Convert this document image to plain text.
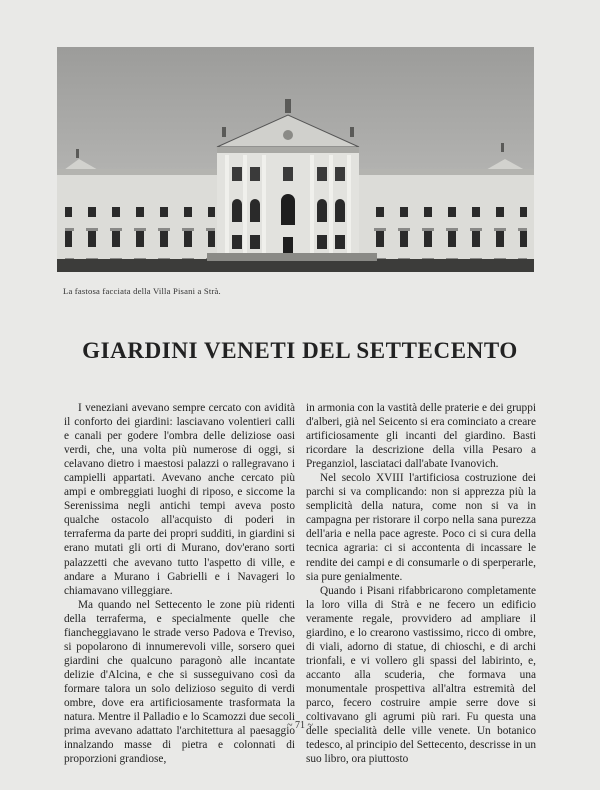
La fastosa facciata della Villa Pisani a Strà.
GIARDINI VENETI DEL SETTECENTO

I veneziani avevano sempre cercato con avidità il conforto dei giardini: lasciavano volentieri calli e canali per godere l'ombra delle deliziose oasi verdi, che, una volta più numerose di oggi, si celavano dietro i maestosi palazzi o rallegravano i campielli appartati. Avevano anche cercato più ampi e ombreggiati luoghi di riposo, e siccome la Serenissima negli antichi tempi aveva posto qualche ostacolo all'acquisto di poderi in terraferma da parte dei propri sudditi, in giardini si erano mutati gli orti di Murano, dov'erano sorti palazzetti che avevano tutto l'aspetto di ville, e andare a Murano i Gabrielli e i Navageri lo chiamavano villeggiare.

Ma quando nel Settecento le zone più ridenti della terraferma, e specialmente quelle che fiancheggiavano le strade verso Padova e Treviso, si popolarono di innumerevoli ville, sorsero quei giardini che qualcuno paragonò alle incantate delizie d'Alcina, e che si susseguivano così da formare talora un solo delizioso seguito di verdi ombre, dove era artificiosamente trasformata la natura. Mentre il Palladio e lo Scamozzi due secoli prima avevano adattato l'architettura al paesaggio innalzando masse di pietra e colonnati di proporzioni grandiose,

in armonia con la vastità delle praterie e dei gruppi d'alberi, già nel Seicento si era cominciato a creare artificiosamente gli incanti del giardino. Basti ricordare la descrizione della villa Pesaro a Preganziol, lasciataci dall'abate Ivanovich.

Nel secolo XVIII l'artificiosa costruzione dei parchi si va complicando: non si apprezza più la semplicità della natura, come non si va in campagna per ristorare il corpo nella sana purezza dell'aria e nella pace agreste. Poco ci si cura della tecnica agraria: ci si accontenta di incassare le rendite dei campi e di consumarle o di sperperarle, sia pure genialmente.

Quando i Pisani rifabbricarono completamente la loro villa di Strà e ne fecero un edificio veramente regale, provvidero ad ampliare il giardino, e lo crearono vastissimo, ricco di ombre, di viali, adorno di statue, di chioschi, e di archi trionfali, e vi vollero gli spassi del labirinto, e, accanto alla scuderia, che formava una monumentale prospettiva all'altra estremità del parco, fecero costruire ampie serre dove si coltivavano gli agrumi più rari. Fu questa una delle specialità delle ville venete. Un botanico tedesco, al principio del Settecento, descrisse in un suo libro, ora piuttosto

~ 71 ~
